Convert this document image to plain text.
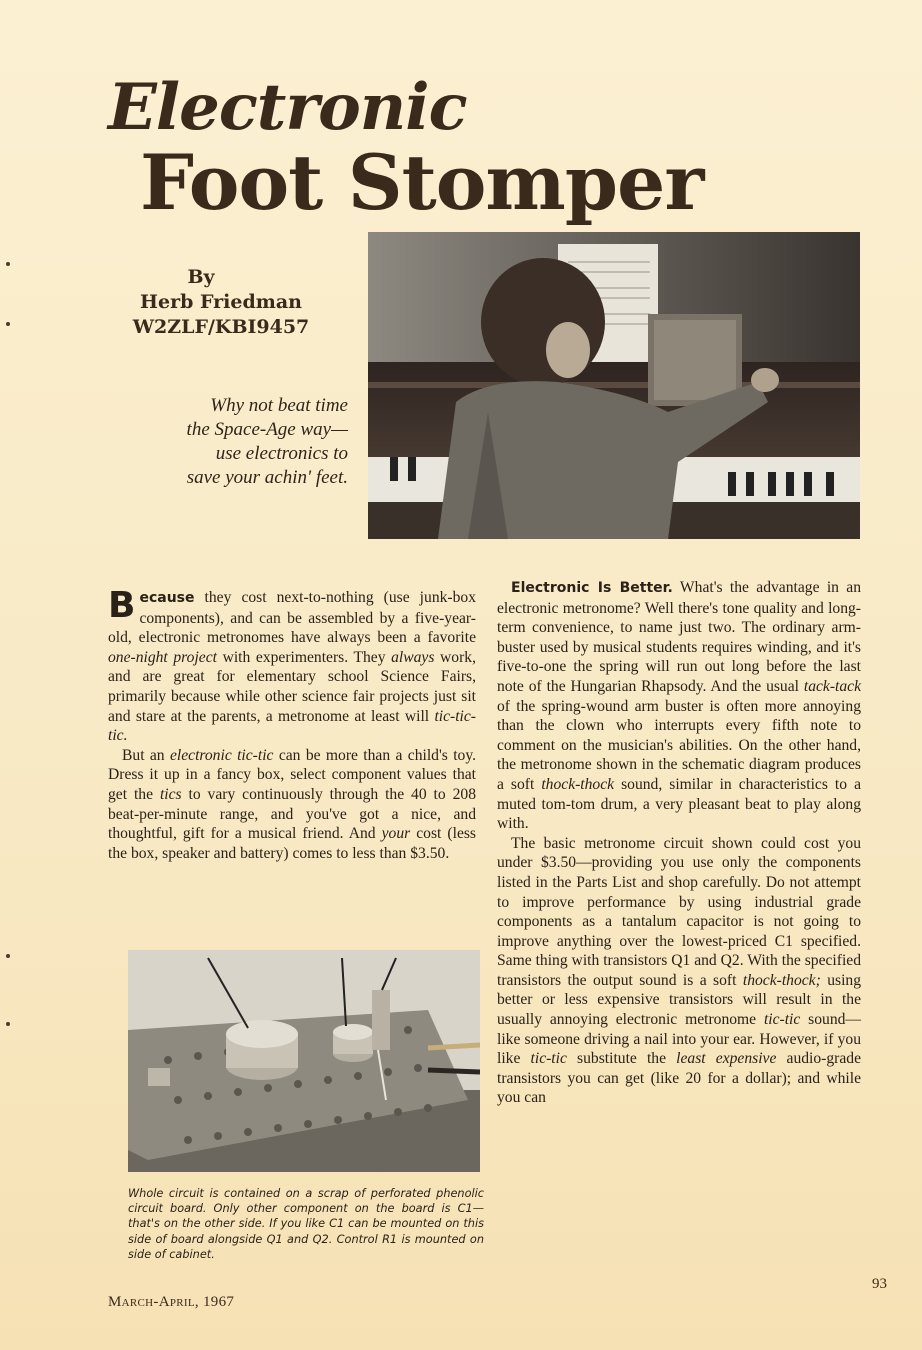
Electronic
Foot Stomper
By
Herb Friedman
W2ZLF/KBI9457
Why not beat time
the Space-Age way—
use electronics to
save your achin' feet.

Because they cost next-to-nothing (use junk-box components), and can be assembled by a five-year-old, electronic metronomes have always been a favorite one-night project with experimenters. They always work, and are great for elementary school Science Fairs, primarily because while other science fair projects just sit and stare at the parents, a metronome at least will tic-tic-tic.

But an electronic tic-tic can be more than a child's toy. Dress it up in a fancy box, select component values that get the tics to vary continuously through the 40 to 208 beat-per-minute range, and you've got a nice, and thoughtful, gift for a musical friend. And your cost (less the box, speaker and battery) comes to less than $3.50.

Whole circuit is contained on a scrap of perforated phenolic circuit board. Only other component on the board is C1—that's on the other side. If you like C1 can be mounted on this side of board alongside Q1 and Q2. Control R1 is mounted on side of cabinet.

Electronic Is Better. What's the advantage in an electronic metronome? Well there's tone quality and long-term convenience, to name just two. The ordinary arm-buster used by musical students requires winding, and it's five-to-one the spring will run out long before the last note of the Hungarian Rhapsody. And the usual tack-tack of the spring-wound arm buster is often more annoying than the clown who interrupts every fifth note to comment on the musician's abilities. On the other hand, the metronome shown in the schematic diagram produces a soft thock-thock sound, similar in characteristics to a muted tom-tom drum, a very pleasant beat to play along with.

The basic metronome circuit shown could cost you under $3.50—providing you use only the components listed in the Parts List and shop carefully. Do not attempt to improve performance by using industrial grade components as a tantalum capacitor is not going to improve anything over the lowest-priced C1 specified. Same thing with transistors Q1 and Q2. With the specified transistors the output sound is a soft thock-thock; using better or less expensive transistors will result in the usually annoying electronic metronome tic-tic sound—like someone driving a nail into your ear. However, if you like tic-tic substitute the least expensive audio-grade transistors you can get (like 20 for a dollar); and while you can

March-April, 1967
93
